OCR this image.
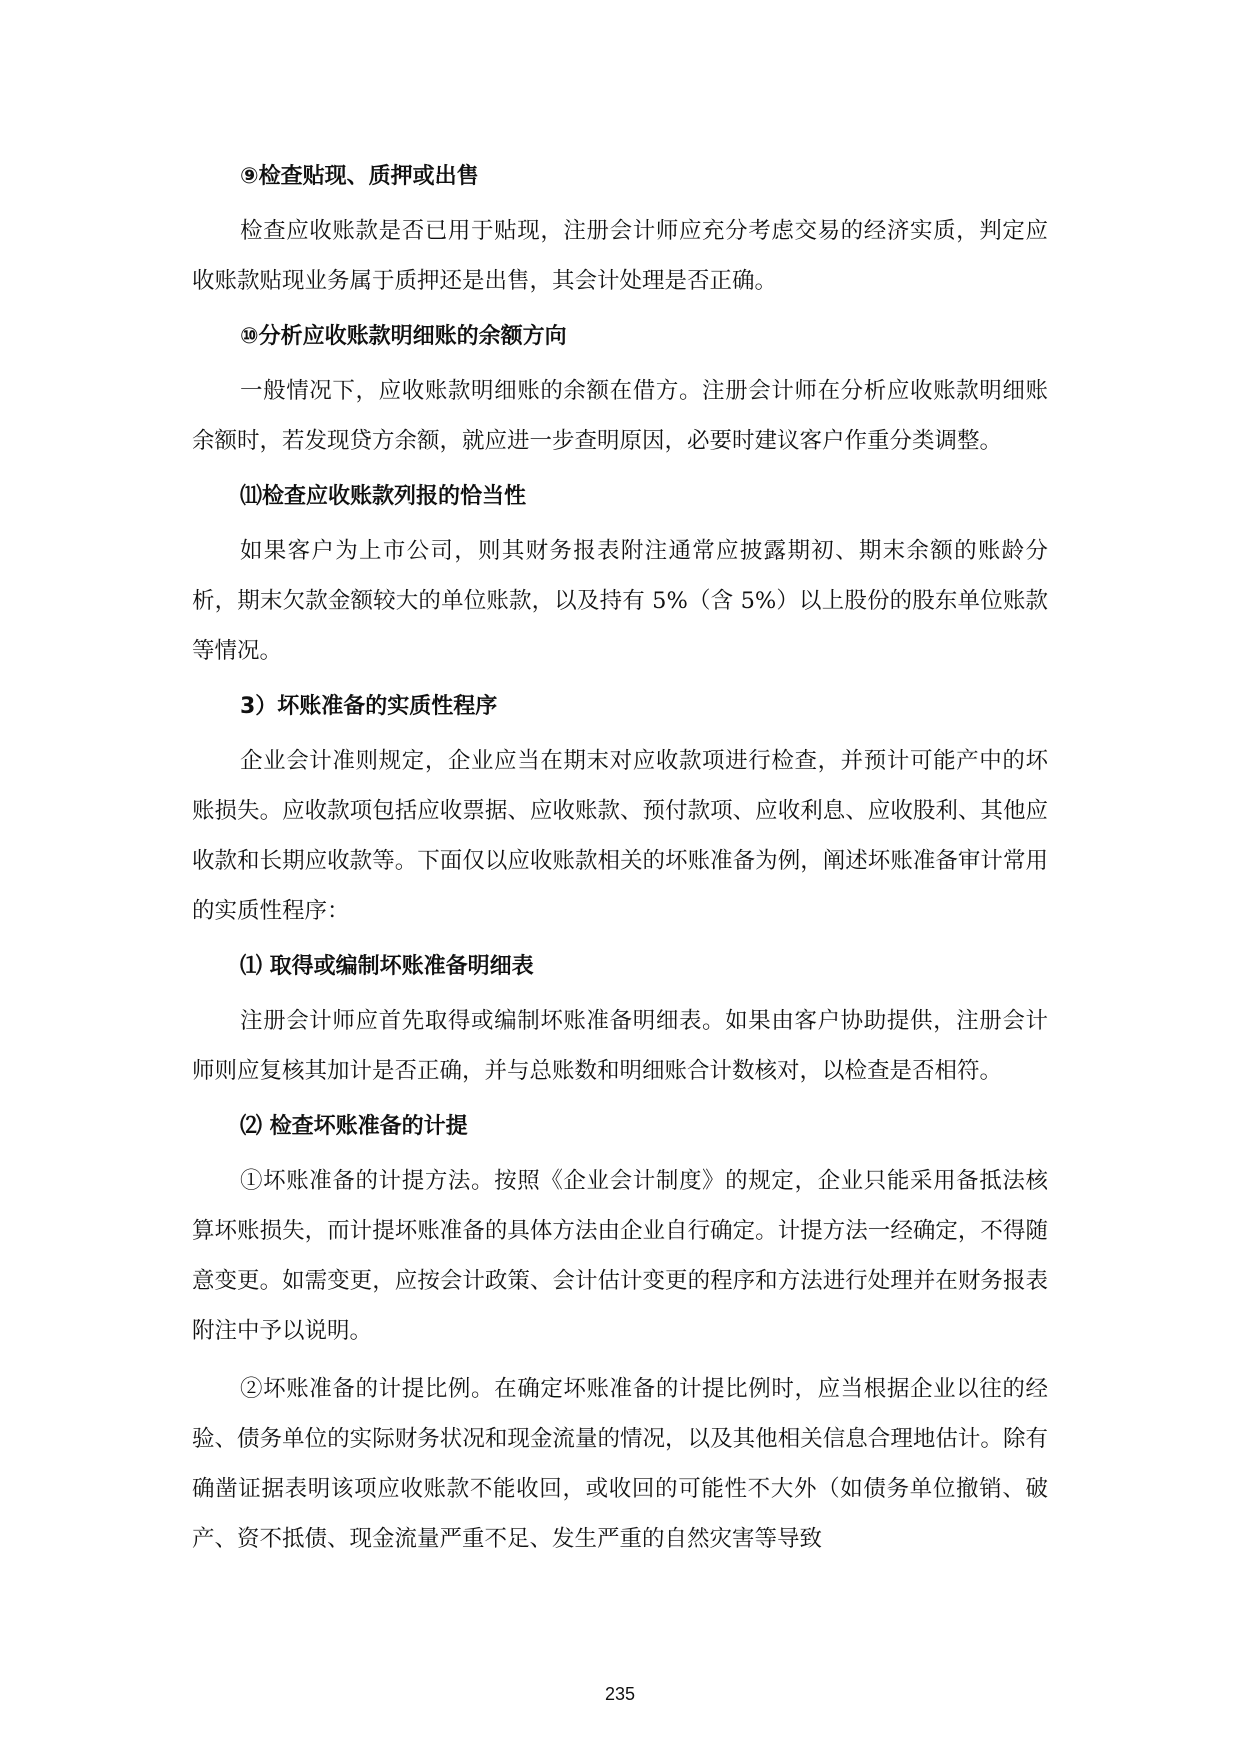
⑨检查贴现、质押或出售

检查应收账款是否已用于贴现，注册会计师应充分考虑交易的经济实质，判定应收账款贴现业务属于质押还是出售，其会计处理是否正确。

⑩分析应收账款明细账的余额方向

一般情况下，应收账款明细账的余额在借方。注册会计师在分析应收账款明细账余额时，若发现贷方余额，就应进一步查明原因，必要时建议客户作重分类调整。

⑾检查应收账款列报的恰当性

如果客户为上市公司，则其财务报表附注通常应披露期初、期末余额的账龄分析，期末欠款金额较大的单位账款，以及持有 5%（含 5%）以上股份的股东单位账款等情况。

3）坏账准备的实质性程序

企业会计准则规定，企业应当在期末对应收款项进行检查，并预计可能产中的坏账损失。应收款项包括应收票据、应收账款、预付款项、应收利息、应收股利、其他应收款和长期应收款等。下面仅以应收账款相关的坏账准备为例，阐述坏账准备审计常用的实质性程序：

⑴ 取得或编制坏账准备明细表

注册会计师应首先取得或编制坏账准备明细表。如果由客户协助提供，注册会计师则应复核其加计是否正确，并与总账数和明细账合计数核对，以检查是否相符。

⑵ 检查坏账准备的计提

①坏账准备的计提方法。按照《企业会计制度》的规定，企业只能采用备抵法核算坏账损失，而计提坏账准备的具体方法由企业自行确定。计提方法一经确定，不得随意变更。如需变更，应按会计政策、会计估计变更的程序和方法进行处理并在财务报表附注中予以说明。

②坏账准备的计提比例。在确定坏账准备的计提比例时，应当根据企业以往的经验、债务单位的实际财务状况和现金流量的情况，以及其他相关信息合理地估计。除有确凿证据表明该项应收账款不能收回，或收回的可能性不大外（如债务单位撤销、破产、资不抵债、现金流量严重不足、发生严重的自然灾害等导致

235
